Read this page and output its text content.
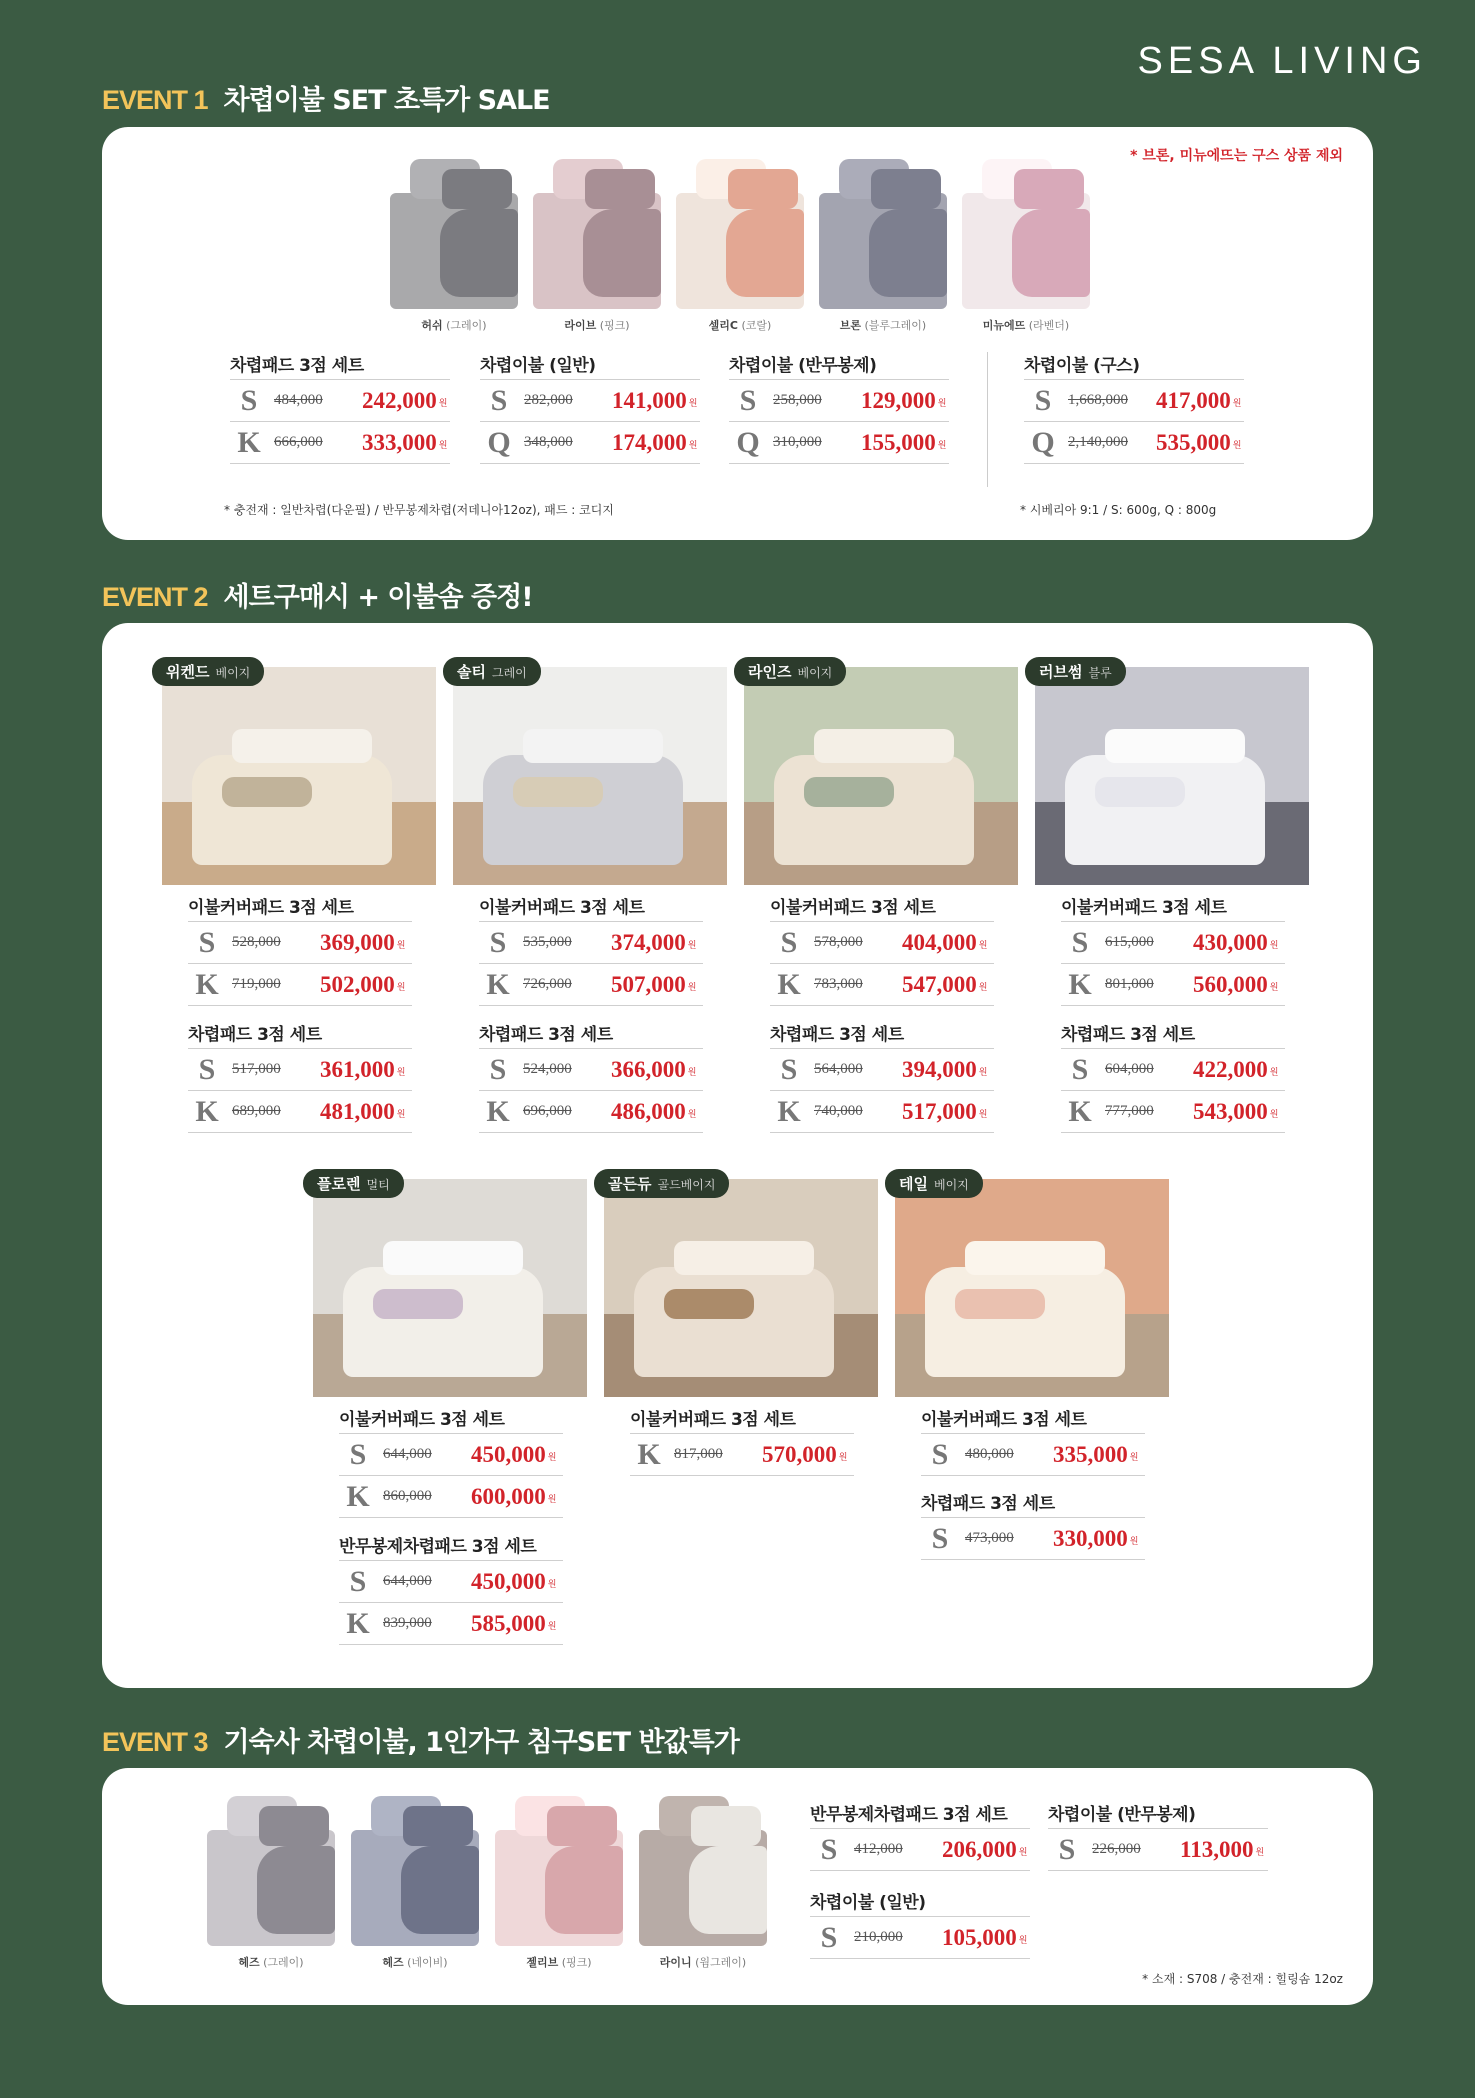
SESA LIVING
EVENT 1 차렵이불 SET 초특가 SALE
* 브론, 미뉴에뜨는 구스 상품 제외
* 충전재 : 일반차렵(다운필) / 반무봉제차렵(저데니아12oz), 패드 : 코디지	* 시베리아 9:1 / S: 600g, Q : 800g
허쉬 (그레이)	라이브 (핑크)	셀리C (코랄)	브론 (블루그레이)	미뉴에뜨 (라벤더)
차렵패드 3점 세트
S	484,000	242,000 원
K 666,000	333,000 원
차렵이불 (일반)
S	282,000	141,000 원
Q 348,000	174,000 원
차렵이불 (반무봉제)
S	258,000	129,000 원
Q 310,000	155,000 원
차렵이불 (구스)
S	1,668,000	417,000 원
Q 2,140,000	535,000 원
EVENT 2 세트구매시 + 이불솜 증정!
위켄드 베이지
이불커버패드 3점 세트
S	528,000	369,000 원
K 719,000	502,000 원
차렵패드 3점 세트
S	517,000	361,000 원
K 689,000	481,000 원
솔티 그레이
이불커버패드 3점 세트
S	535,000	374,000 원
K 726,000	507,000 원
차렵패드 3점 세트
S	524,000	366,000 원
K 696,000	486,000 원
라인즈 베이지
이불커버패드 3점 세트
S	578,000	404,000 원
K 783,000	547,000 원
차렵패드 3점 세트
S	564,000	394,000 원
K 740,000	517,000 원
러브썸 블루
이불커버패드 3점 세트
S	615,000	430,000 원
K 801,000	560,000 원
차렵패드 3점 세트
S	604,000	422,000 원
K 777,000	543,000 원
플로렌 멀티
이불커버패드 3점 세트
S	644,000	450,000 원
K 860,000	600,000 원
반무봉제차렵패드 3점 세트
S	644,000	450,000 원
K 839,000	585,000 원
골든듀 골드베이지
이불커버패드 3점 세트
K 817,000	570,000 원
테일 베이지
이불커버패드 3점 세트
S	480,000	335,000 원
차렵패드 3점 세트
S	473,000	330,000 원
EVENT 3 기숙사 차렵이불, 1인가구 침구SET 반값특가
* 소재 : S708 / 충전재 : 힐링솜 12oz
헤즈 (그레이)	헤즈 (네이비)	젤리브 (핑크)	라이니 (웜그레이)
반무봉제차렵패드 3점 세트
S	412,000	206,000 원
차렵이불 (반무봉제)
S	226,000	113,000 원
차렵이불 (일반)
S	210,000	105,000 원
